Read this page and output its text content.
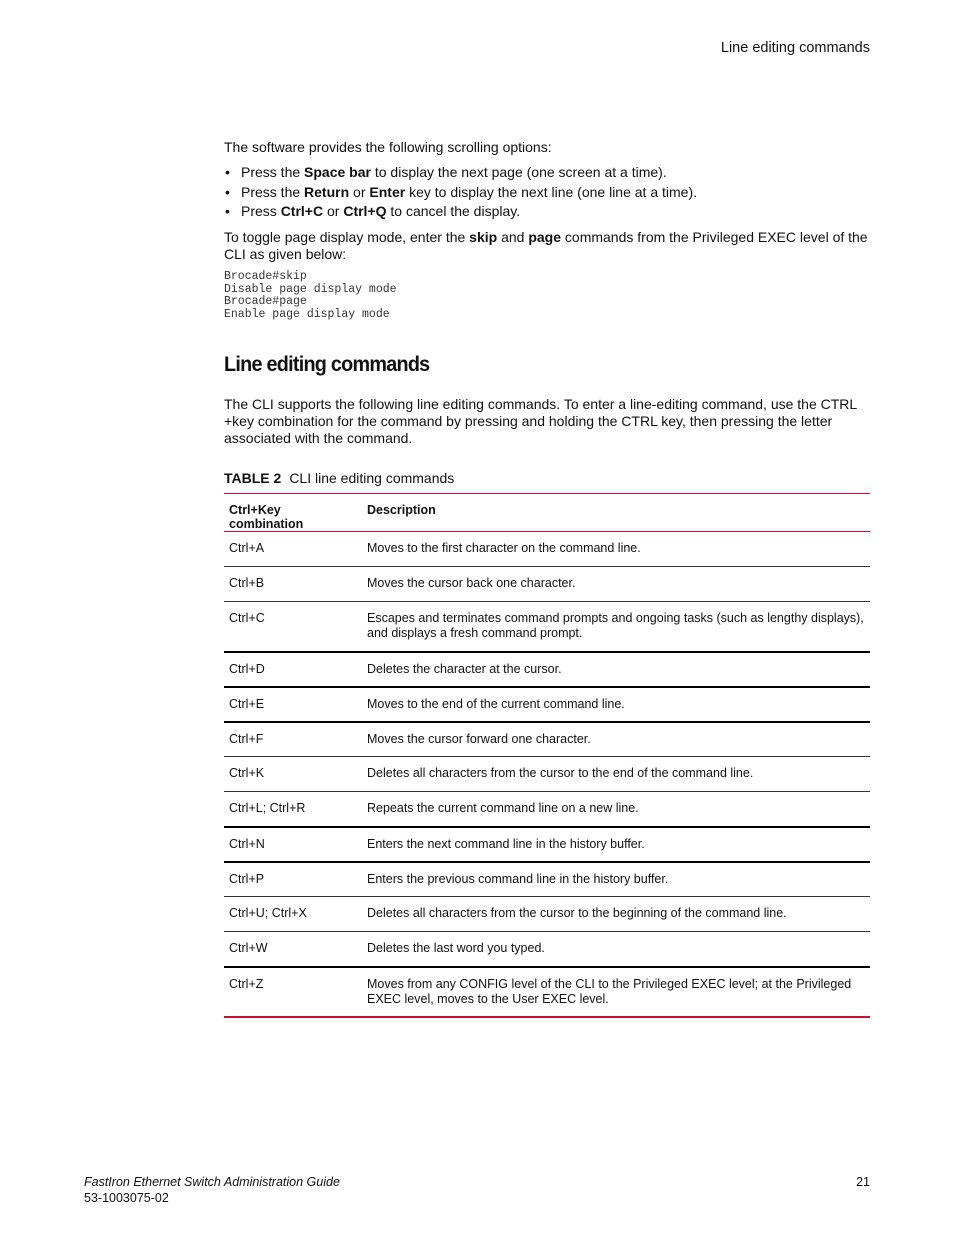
Line editing commands

The software provides the following scrolling options:

• Press the Space bar to display the next page (one screen at a time).
• Press the Return or Enter key to display the next line (one line at a time).
• Press Ctrl+C or Ctrl+Q to cancel the display.

To toggle page display mode, enter the skip and page commands from the Privileged EXEC level of the CLI as given below:

Brocade#skip
Disable page display mode
Brocade#page
Enable page display mode
Line editing commands

The CLI supports the following line editing commands. To enter a line-editing command, use the CTRL +key combination for the command by pressing and holding the CTRL key, then pressing the letter associated with the command.

TABLE 2 CLI line editing commands
Ctrl+Key combination	Description
Ctrl+A	Moves to the first character on the command line.
Ctrl+B	Moves the cursor back one character.
Ctrl+C	Escapes and terminates command prompts and ongoing tasks (such as lengthy displays), and displays a fresh command prompt.
Ctrl+D	Deletes the character at the cursor.
Ctrl+E	Moves to the end of the current command line.
Ctrl+F	Moves the cursor forward one character.
Ctrl+K	Deletes all characters from the cursor to the end of the command line.
Ctrl+L; Ctrl+R	Repeats the current command line on a new line.
Ctrl+N	Enters the next command line in the history buffer.
Ctrl+P	Enters the previous command line in the history buffer.
Ctrl+U; Ctrl+X	Deletes all characters from the cursor to the beginning of the command line.
Ctrl+W	Deletes the last word you typed.
Ctrl+Z	Moves from any CONFIG level of the CLI to the Privileged EXEC level; at the Privileged EXEC level, moves to the User EXEC level.
FastIron Ethernet Switch Administration Guide
53-1003075-02
21
